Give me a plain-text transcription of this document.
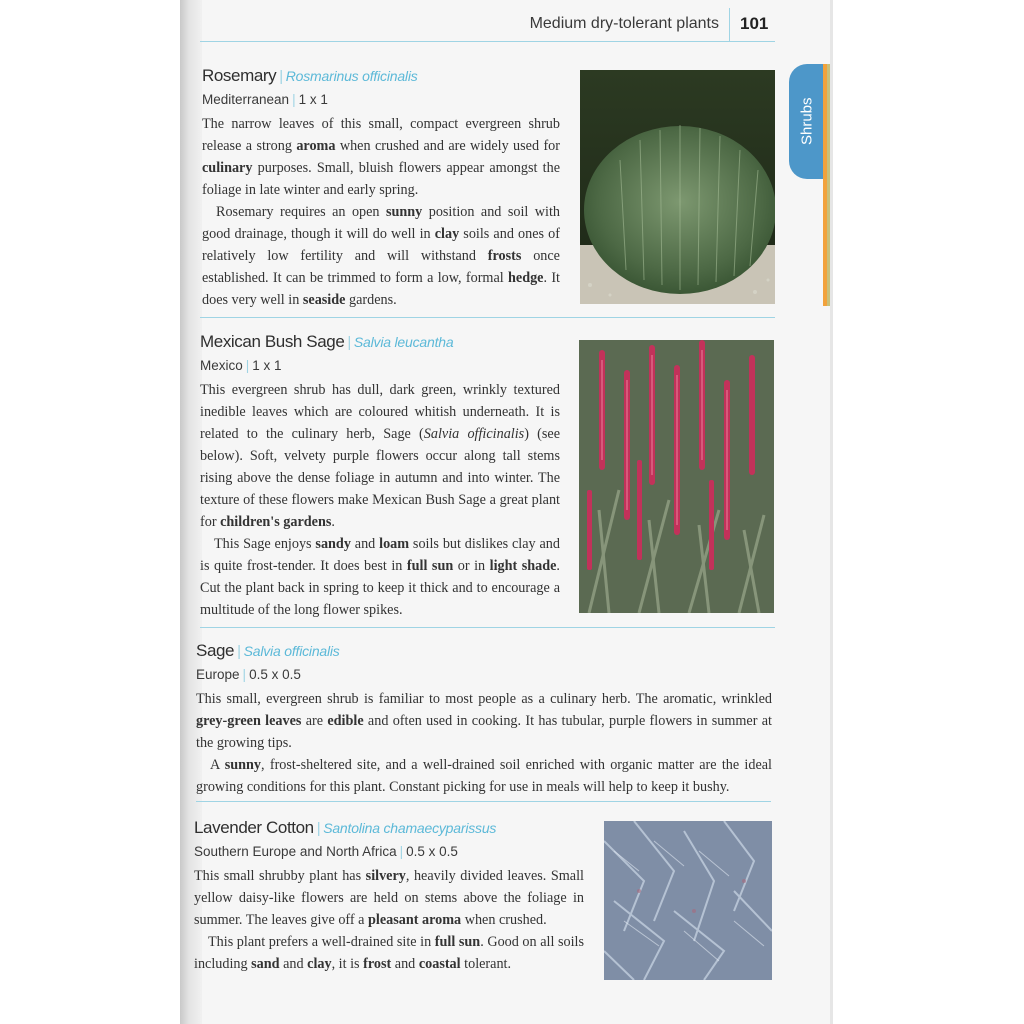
Medium dry-tolerant plants 101
Shrubs
Rosemary | Rosmarinus officinalis
Mediterranean | 1 x 1

The narrow leaves of this small, compact evergreen shrub release a strong aroma when crushed and are widely used for culinary purposes. Small, bluish flowers appear amongst the foliage in late winter and early spring.

Rosemary requires an open sunny position and soil with good drainage, though it will do well in clay soils and ones of relatively low fertility and will withstand frosts once established. It can be trimmed to form a low, formal hedge. It does very well in seaside gardens.

Mexican Bush Sage | Salvia leucantha
Mexico | 1 x 1

This evergreen shrub has dull, dark green, wrinkly textured inedible leaves which are coloured whitish underneath. It is related to the culinary herb, Sage (Salvia officinalis) (see below). Soft, velvety purple flowers occur along tall stems rising above the dense foliage in autumn and into winter. The texture of these flowers make Mexican Bush Sage a great plant for children's gardens.

This Sage enjoys sandy and loam soils but dislikes clay and is quite frost-tender. It does best in full sun or in light shade. Cut the plant back in spring to keep it thick and to encourage a multitude of the long flower spikes.

Sage | Salvia officinalis
Europe | 0.5 x 0.5

This small, evergreen shrub is familiar to most people as a culinary herb. The aromatic, wrinkled grey-green leaves are edible and often used in cooking. It has tubular, purple flowers in summer at the growing tips.

A sunny, frost-sheltered site, and a well-drained soil enriched with organic matter are the ideal growing conditions for this plant. Constant picking for use in meals will help to keep it bushy.

Lavender Cotton | Santolina chamaecyparissus
Southern Europe and North Africa | 0.5 x 0.5

This small shrubby plant has silvery, heavily divided leaves. Small yellow daisy-like flowers are held on stems above the foliage in summer. The leaves give off a pleasant aroma when crushed.

This plant prefers a well-drained site in full sun. Good on all soils including sand and clay, it is frost and coastal tolerant.
